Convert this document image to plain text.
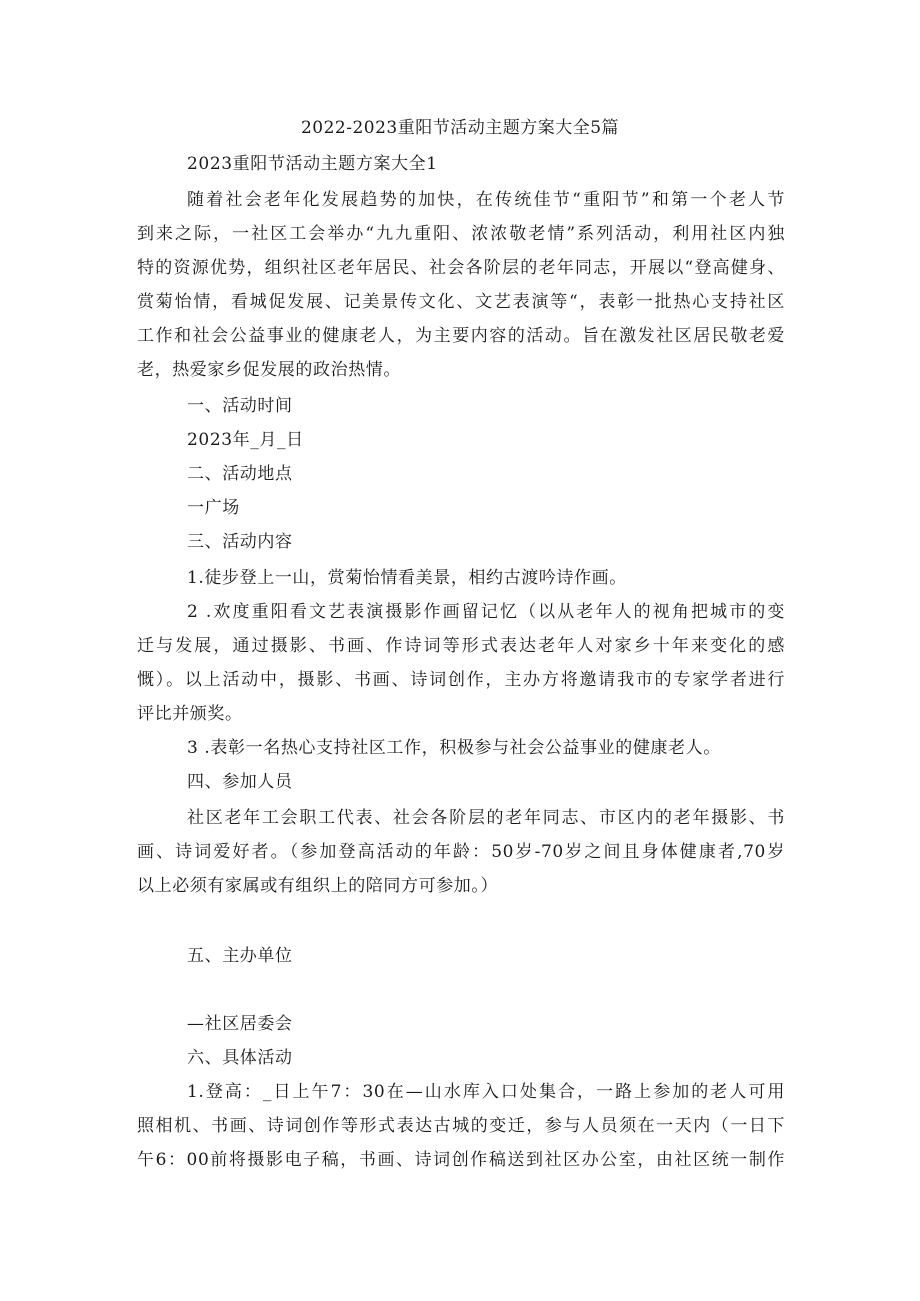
2022-2023重阳节活动主题方案大全5篇
2023重阳节活动主题方案大全1
随着社会老年化发展趋势的加快，在传统佳节“重阳节”和第一个老人节
到来之际，一社区工会举办“九九重阳、浓浓敬老情”系列活动，利用社区内独
特的资源优势，组织社区老年居民、社会各阶层的老年同志，开展以“登高健身、
赏菊怡情，看城促发展、记美景传文化、文艺表演等“，表彰一批热心支持社区
工作和社会公益事业的健康老人，为主要内容的活动。旨在激发社区居民敬老爱
老，热爱家乡促发展的政治热情。
一、活动时间
2023年_月_日
二、活动地点
一广场
三、活动内容
1.徒步登上一山，赏菊怡情看美景，相约古渡吟诗作画。
2 .欢度重阳看文艺表演摄影作画留记忆（以从老年人的视角把城市的变
迁与发展，通过摄影、书画、作诗词等形式表达老年人对家乡十年来变化的感
慨）。以上活动中，摄影、书画、诗词创作，主办方将邀请我市的专家学者进行
评比并颁奖。
3 .表彰一名热心支持社区工作，积极参与社会公益事业的健康老人。
四、参加人员
社区老年工会职工代表、社会各阶层的老年同志、市区内的老年摄影、书
画、诗词爱好者。（参加登高活动的年龄：50岁-70岁之间且身体健康者,70岁
以上必须有家属或有组织上的陪同方可参加。）
五、主办单位
—社区居委会
六、具体活动
1.登高：_日上午7：30在—山水库入口处集合，一路上参加的老人可用
照相机、书画、诗词创作等形式表达古城的变迁，参与人员须在一天内（一日下
午6：00前将摄影电子稿，书画、诗词创作稿送到社区办公室，由社区统一制作
